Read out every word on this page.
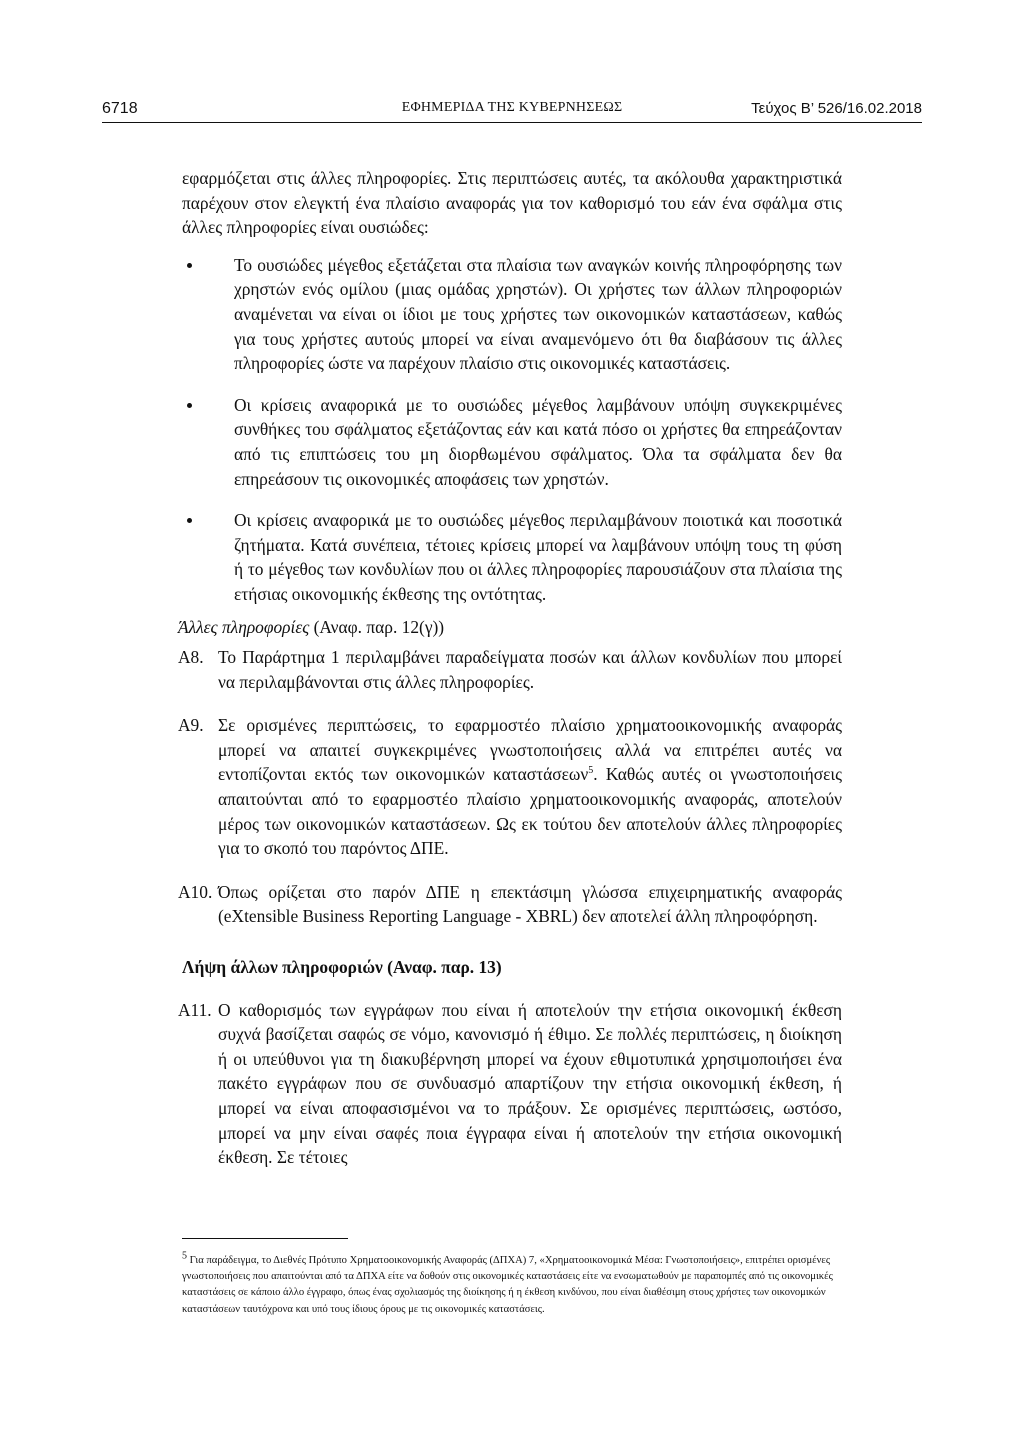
6718	ΕΦΗΜΕΡΙΔΑ ΤΗΣ ΚΥΒΕΡΝΗΣΕΩΣ	Τεύχος Β’ 526/16.02.2018

εφαρμόζεται στις άλλες πληροφορίες. Στις περιπτώσεις αυτές, τα ακόλουθα χαρακτηριστικά παρέχουν στον ελεγκτή ένα πλαίσιο αναφοράς για τον καθορισμό του εάν ένα σφάλμα στις άλλες πληροφορίες είναι ουσιώδες:

Το ουσιώδες μέγεθος εξετάζεται στα πλαίσια των αναγκών κοινής πληροφόρησης των χρηστών ενός ομίλου (μιας ομάδας χρηστών). Οι χρήστες των άλλων πληροφοριών αναμένεται να είναι οι ίδιοι με τους χρήστες των οικονομικών καταστάσεων, καθώς για τους χρήστες αυτούς μπορεί να είναι αναμενόμενο ότι θα διαβάσουν τις άλλες πληροφορίες ώστε να παρέχουν πλαίσιο στις οικονομικές καταστάσεις.
Οι κρίσεις αναφορικά με το ουσιώδες μέγεθος λαμβάνουν υπόψη συγκεκριμένες συνθήκες του σφάλματος εξετάζοντας εάν και κατά πόσο οι χρήστες θα επηρεάζονταν από τις επιπτώσεις του μη διορθωμένου σφάλματος. Όλα τα σφάλματα δεν θα επηρεάσουν τις οικονομικές αποφάσεις των χρηστών.
Οι κρίσεις αναφορικά με το ουσιώδες μέγεθος περιλαμβάνουν ποιοτικά και ποσοτικά ζητήματα. Κατά συνέπεια, τέτοιες κρίσεις μπορεί να λαμβάνουν υπόψη τους τη φύση ή το μέγεθος των κονδυλίων που οι άλλες πληροφορίες παρουσιάζουν στα πλαίσια της ετήσιας οικονομικής έκθεσης της οντότητας.

Άλλες πληροφορίες (Αναφ. παρ. 12(γ))

A8. Το Παράρτημα 1 περιλαμβάνει παραδείγματα ποσών και άλλων κονδυλίων που μπορεί να περιλαμβάνονται στις άλλες πληροφορίες.
A9. Σε ορισμένες περιπτώσεις, το εφαρμοστέο πλαίσιο χρηματοοικονομικής αναφοράς μπορεί να απαιτεί συγκεκριμένες γνωστοποιήσεις αλλά να επιτρέπει αυτές να εντοπίζονται εκτός των οικονομικών καταστάσεων$^5$. Καθώς αυτές οι γνωστοποιήσεις απαιτούνται από το εφαρμοστέο πλαίσιο χρηματοοικονομικής αναφοράς, αποτελούν μέρος των οικονομικών καταστάσεων. Ως εκ τούτου δεν αποτελούν άλλες πληροφορίες για το σκοπό του παρόντος ΔΠΕ.
A10. Όπως ορίζεται στο παρόν ΔΠΕ η επεκτάσιμη γλώσσα επιχειρηματικής αναφοράς (eXtensible Business Reporting Language - XBRL) δεν αποτελεί άλλη πληροφόρηση.

Λήψη άλλων πληροφοριών (Αναφ. παρ. 13)

A11. Ο καθορισμός των εγγράφων που είναι ή αποτελούν την ετήσια οικονομική έκθεση συχνά βασίζεται σαφώς σε νόμο, κανονισμό ή έθιμο. Σε πολλές περιπτώσεις, η διοίκηση ή οι υπεύθυνοι για τη διακυβέρνηση μπορεί να έχουν εθιμοτυπικά χρησιμοποιήσει ένα πακέτο εγγράφων που σε συνδυασμό απαρτίζουν την ετήσια οικονομική έκθεση, ή μπορεί να είναι αποφασισμένοι να το πράξουν. Σε ορισμένες περιπτώσεις, ωστόσο, μπορεί να μην είναι σαφές ποια έγγραφα είναι ή αποτελούν την ετήσια οικονομική έκθεση. Σε τέτοιες
$^5$ Για παράδειγμα, το Διεθνές Πρότυπο Χρηματοοικονομικής Αναφοράς (ΔΠΧΑ) 7, «Χρηματοοικονομικά Μέσα: Γνωστοποιήσεις», επιτρέπει ορισμένες γνωστοποιήσεις που απαιτούνται από τα ΔΠΧΑ είτε να δοθούν στις οικονομικές καταστάσεις είτε να ενσωματωθούν με παραπομπές από τις οικονομικές καταστάσεις σε κάποιο άλλο έγγραφο, όπως ένας σχολιασμός της διοίκησης ή η έκθεση κινδύνου, που είναι διαθέσιμη στους χρήστες των οικονομικών καταστάσεων ταυτόχρονα και υπό τους ίδιους όρους με τις οικονομικές καταστάσεις.
